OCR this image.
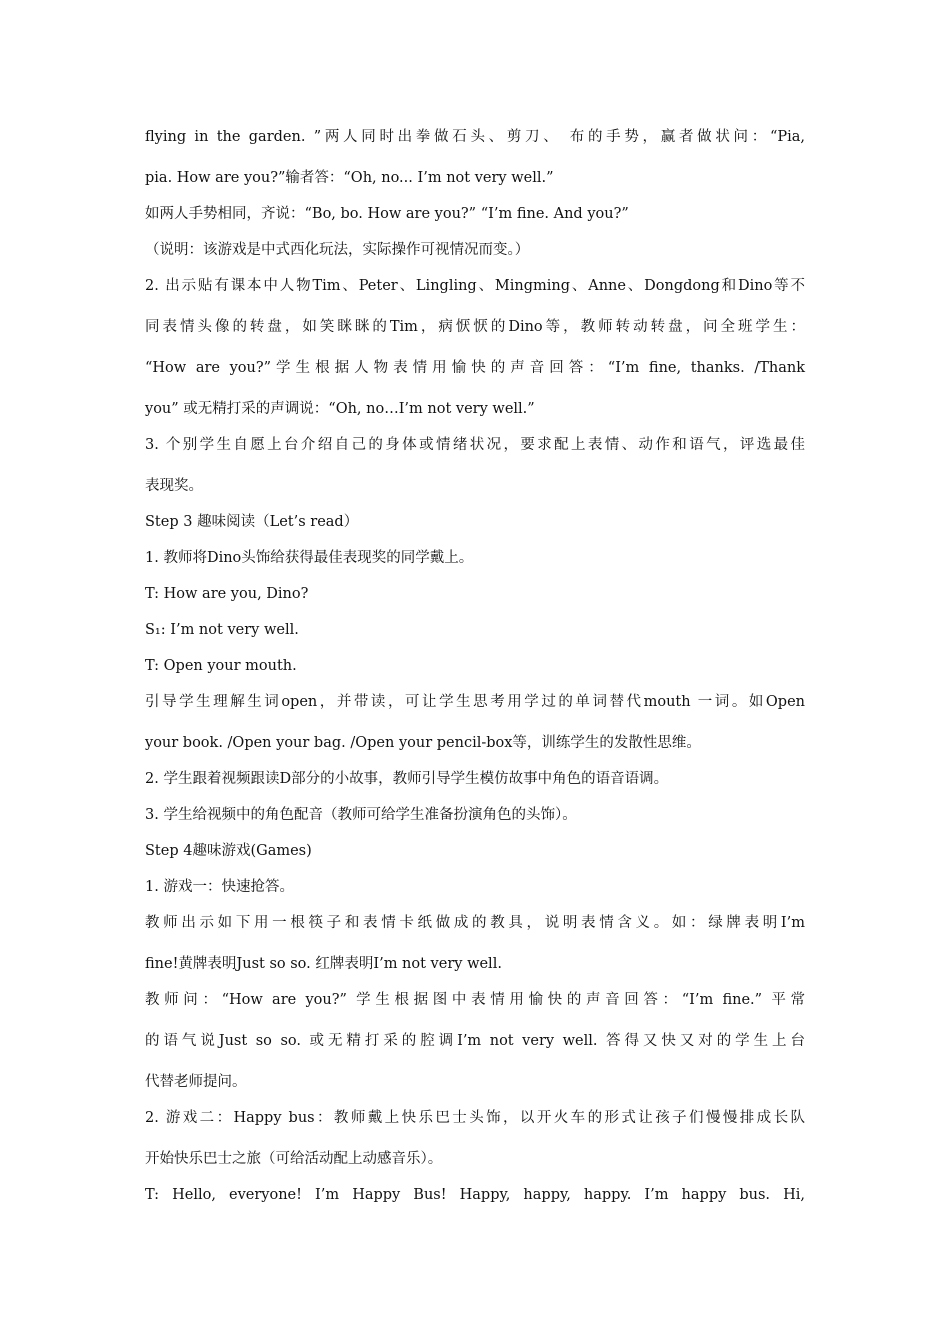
flying in the garden. ”两人同时出拳做石头、剪刀、 布的手势，赢者做状问：“Pia,
pia. How are you?”输者答：“Oh, no... I’m not very well.”
如两人手势相同，齐说：“Bo, bo. How are you?” “I’m fine. And you?”
（说明：该游戏是中式西化玩法，实际操作可视情况而变。）
2. 出示贴有课本中人物Tim、Peter、Lingling、Mingming、Anne、Dongdong和Dino等不
同表情头像的转盘，如笑眯眯的Tim，病恹恹的Dino等，教师转动转盘，问全班学生：
“How are you?”学生根据人物表情用愉快的声音回答：“I’m fine, thanks. /Thank
you” 或无精打采的声调说：“Oh, no…I’m not very well.”
3. 个别学生自愿上台介绍自己的身体或情绪状况，要求配上表情、动作和语气，评选最佳
表现奖。
Step 3 趣味阅读（Let’s read）
1. 教师将Dino头饰给获得最佳表现奖的同学戴上。
T: How are you, Dino?
S₁: I’m not very well.
T: Open your mouth.
引导学生理解生词open，并带读，可让学生思考用学过的单词替代mouth 一词。如Open
your book. /Open your bag. /Open your pencil-box等，训练学生的发散性思维。
2. 学生跟着视频跟读D部分的小故事，教师引导学生模仿故事中角色的语音语调。
3. 学生给视频中的角色配音（教师可给学生准备扮演角色的头饰）。
Step 4趣味游戏(Games)
1. 游戏一：快速抢答。
教师出示如下用一根筷子和表情卡纸做成的教具，说明表情含义。如：绿牌表明I’m
fine!黄牌表明Just so so. 红牌表明I’m not very well.
教师问：“How are you?” 学生根据图中表情用愉快的声音回答：“I’m fine.” 平常
的语气说Just so so. 或无精打采的腔调I’m not very well. 答得又快又对的学生上台
代替老师提问。
2. 游戏二：Happy bus：教师戴上快乐巴士头饰，以开火车的形式让孩子们慢慢排成长队
开始快乐巴士之旅（可给活动配上动感音乐）。
T: Hello, everyone! I’m Happy Bus! Happy, happy, happy. I’m happy bus. Hi,
